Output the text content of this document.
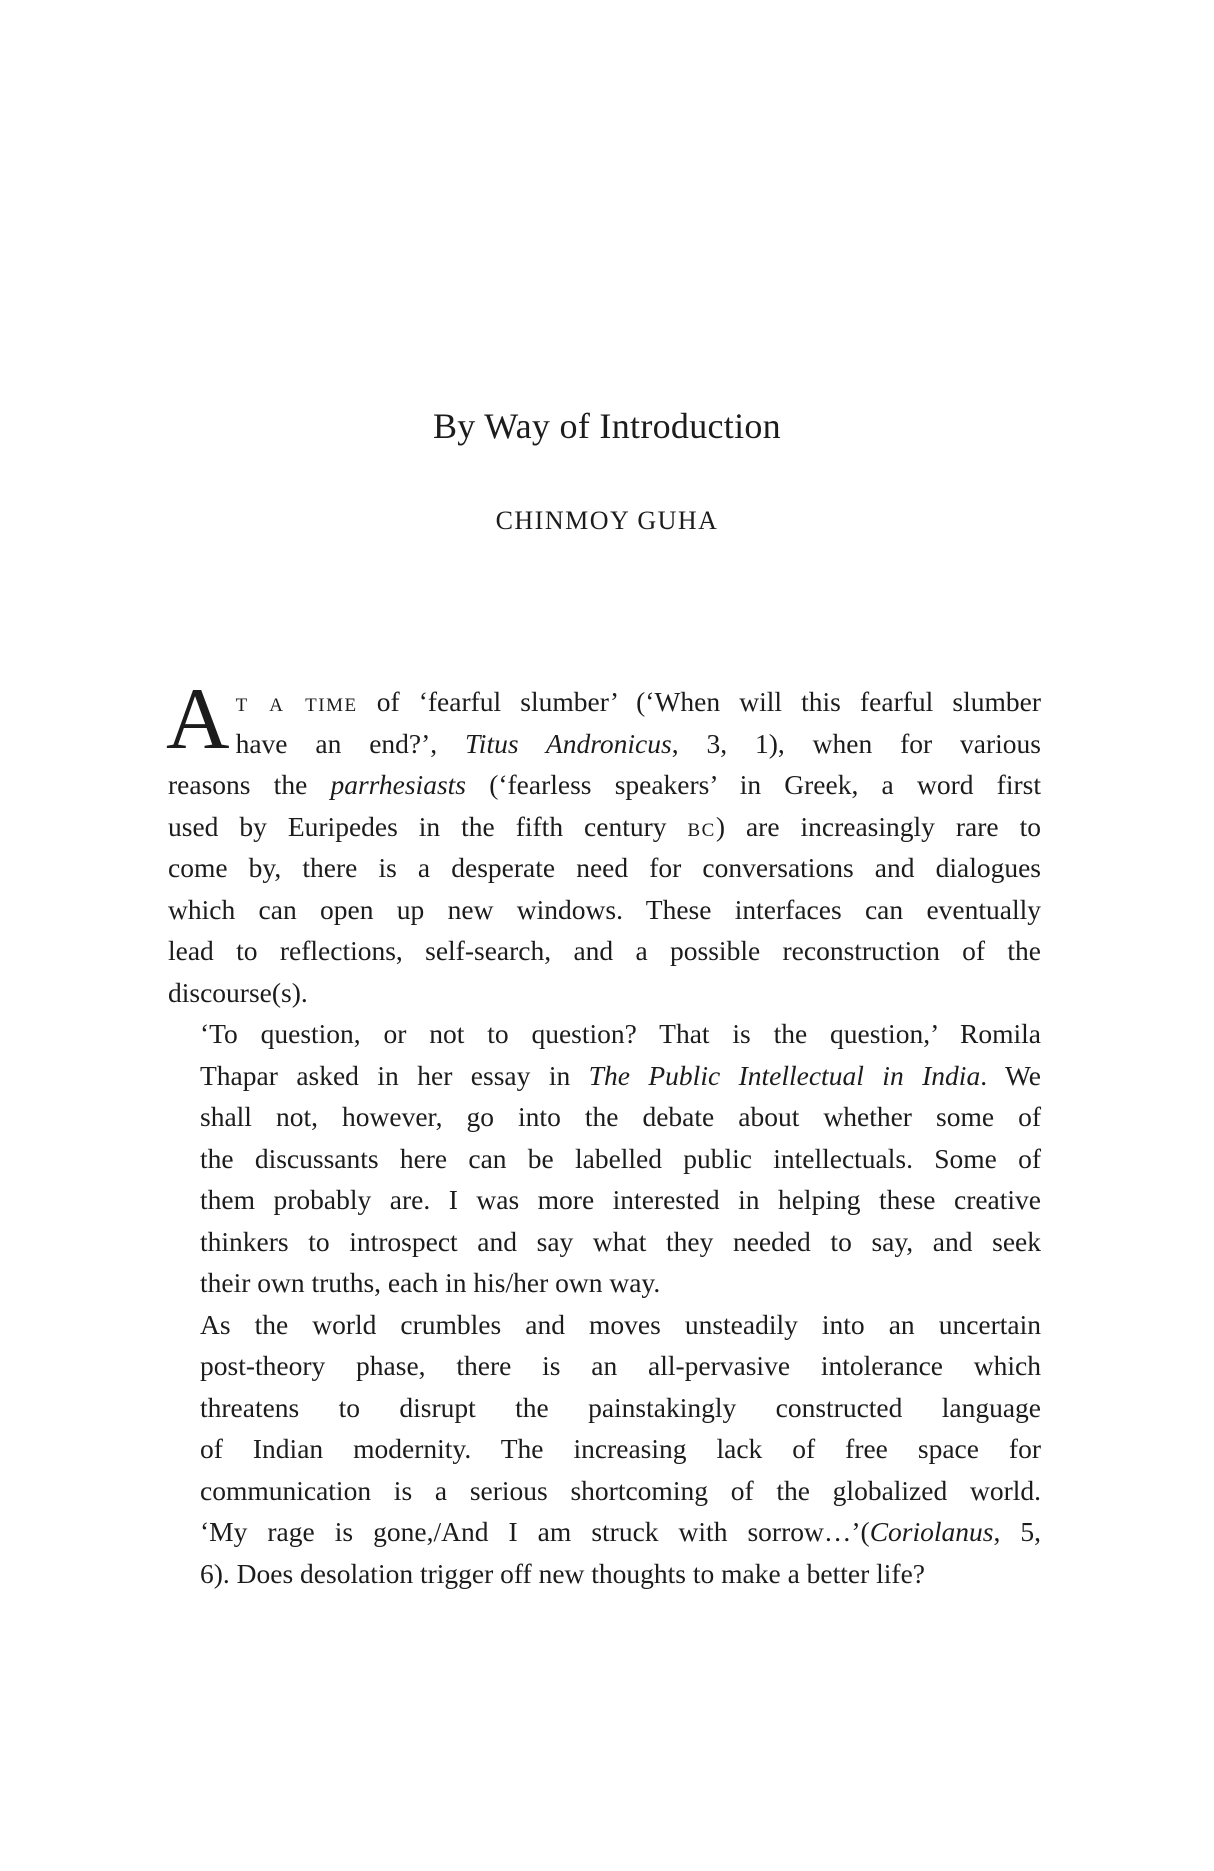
By Way of Introduction
CHINMOY GUHA
A t a time of ‘fearful slumber’ (‘When will this fearful slumber
have an end?’, Titus Andronicus, 3, 1), when for various
reasons the parrhesiasts (‘fearless speakers’ in Greek, a word first
used by Euripedes in the fifth century bc) are increasingly rare to
come by, there is a desperate need for conversations and dialogues
which can open up new windows. These interfaces can eventually
lead to reflections, self-search, and a possible reconstruction of the
discourse(s).
‘To question, or not to question? That is the question,’ Romila
Thapar asked in her essay in The Public Intellectual in India. We
shall not, however, go into the debate about whether some of
the discussants here can be labelled public intellectuals. Some of
them probably are. I was more interested in helping these creative
thinkers to introspect and say what they needed to say, and seek
their own truths, each in his/her own way.
As the world crumbles and moves unsteadily into an uncertain
post-theory phase, there is an all-pervasive intolerance which
threatens to disrupt the painstakingly constructed language
of Indian modernity. The increasing lack of free space for
communication is a serious shortcoming of the globalized world.
‘My rage is gone,/And I am struck with sorrow…’(Coriolanus, 5,
6). Does desolation trigger off new thoughts to make a better life?
